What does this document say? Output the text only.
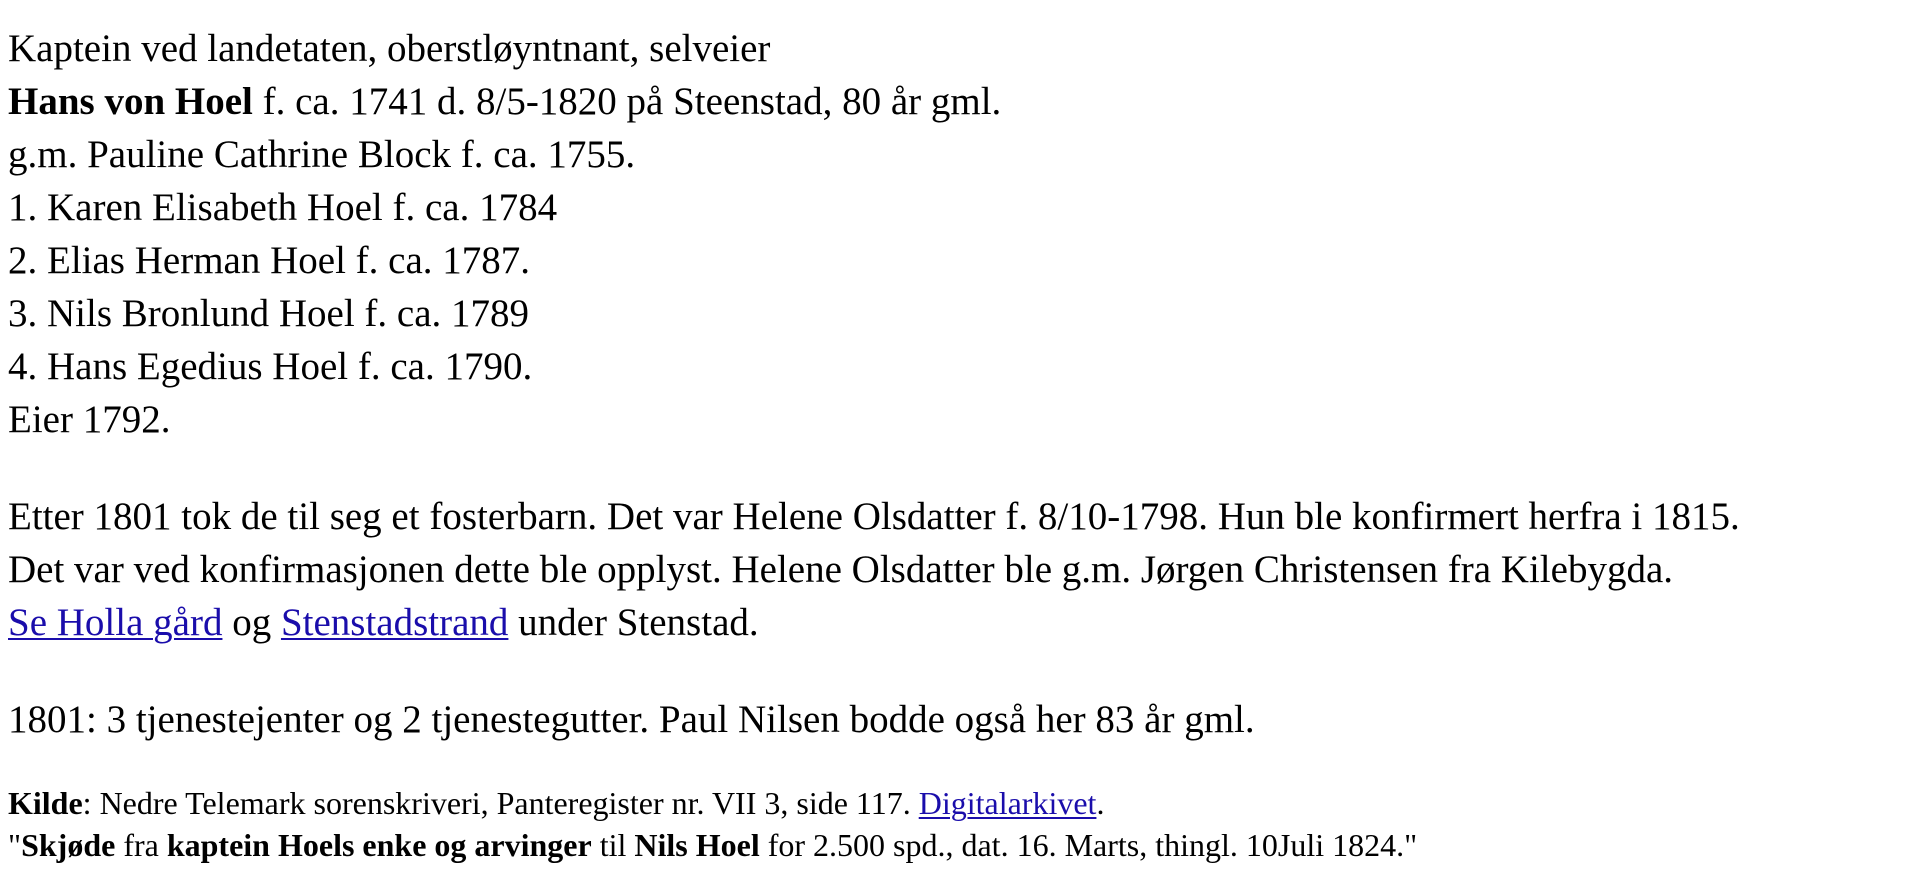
Kaptein ved landetaten, oberstløyntnant, selveier
Hans von Hoel f. ca. 1741 d. 8/5-1820 på Steenstad, 80 år gml.
g.m. Pauline Cathrine Block f. ca. 1755.
1. Karen Elisabeth Hoel f. ca. 1784
2. Elias Herman Hoel f. ca. 1787.
3. Nils Bronlund Hoel f. ca. 1789
4. Hans Egedius Hoel f. ca. 1790.
Eier 1792.
Etter 1801 tok de til seg et fosterbarn. Det var Helene Olsdatter f. 8/10-1798. Hun ble konfirmert herfra i 1815.
Det var ved konfirmasjonen dette ble opplyst. Helene Olsdatter ble g.m. Jørgen Christensen fra Kilebygda.
Se Holla gård og Stenstadstrand under Stenstad.
1801: 3 tjenestejenter og 2 tjenestegutter. Paul Nilsen bodde også her 83 år gml.
Kilde: Nedre Telemark sorenskriveri, Panteregister nr. VII 3, side 117. Digitalarkivet.
"Skjøde fra kaptein Hoels enke og arvinger til Nils Hoel for 2.500 spd., dat. 16. Marts, thingl. 10Juli 1824."
